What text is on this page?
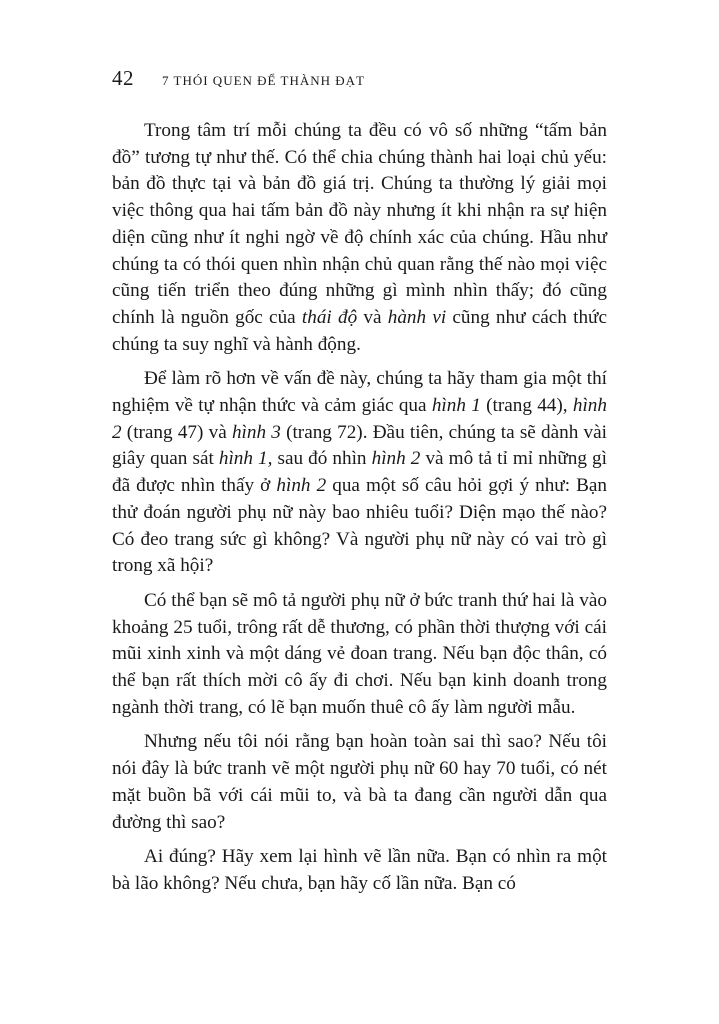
42 7 THÓI QUEN ĐỂ THÀNH ĐẠT

Trong tâm trí mỗi chúng ta đều có vô số những “tấm bản đồ” tương tự như thế. Có thể chia chúng thành hai loại chủ yếu: bản đồ thực tại và bản đồ giá trị. Chúng ta thường lý giải mọi việc thông qua hai tấm bản đồ này nhưng ít khi nhận ra sự hiện diện cũng như ít nghi ngờ về độ chính xác của chúng. Hầu như chúng ta có thói quen nhìn nhận chủ quan rằng thế nào mọi việc cũng tiến triển theo đúng những gì mình nhìn thấy; đó cũng chính là nguồn gốc của thái độ và hành vi cũng như cách thức chúng ta suy nghĩ và hành động.

Để làm rõ hơn về vấn đề này, chúng ta hãy tham gia một thí nghiệm về tự nhận thức và cảm giác qua hình 1 (trang 44), hình 2 (trang 47) và hình 3 (trang 72). Đầu tiên, chúng ta sẽ dành vài giây quan sát hình 1, sau đó nhìn hình 2 và mô tả tỉ mỉ những gì đã được nhìn thấy ở hình 2 qua một số câu hỏi gợi ý như: Bạn thử đoán người phụ nữ này bao nhiêu tuổi? Diện mạo thế nào? Có đeo trang sức gì không? Và người phụ nữ này có vai trò gì trong xã hội?

Có thể bạn sẽ mô tả người phụ nữ ở bức tranh thứ hai là vào khoảng 25 tuổi, trông rất dễ thương, có phần thời thượng với cái mũi xinh xinh và một dáng vẻ đoan trang. Nếu bạn độc thân, có thể bạn rất thích mời cô ấy đi chơi. Nếu bạn kinh doanh trong ngành thời trang, có lẽ bạn muốn thuê cô ấy làm người mẫu.

Nhưng nếu tôi nói rằng bạn hoàn toàn sai thì sao? Nếu tôi nói đây là bức tranh vẽ một người phụ nữ 60 hay 70 tuổi, có nét mặt buồn bã với cái mũi to, và bà ta đang cần người dẫn qua đường thì sao?

Ai đúng? Hãy xem lại hình vẽ lần nữa. Bạn có nhìn ra một bà lão không? Nếu chưa, bạn hãy cố lần nữa. Bạn có
